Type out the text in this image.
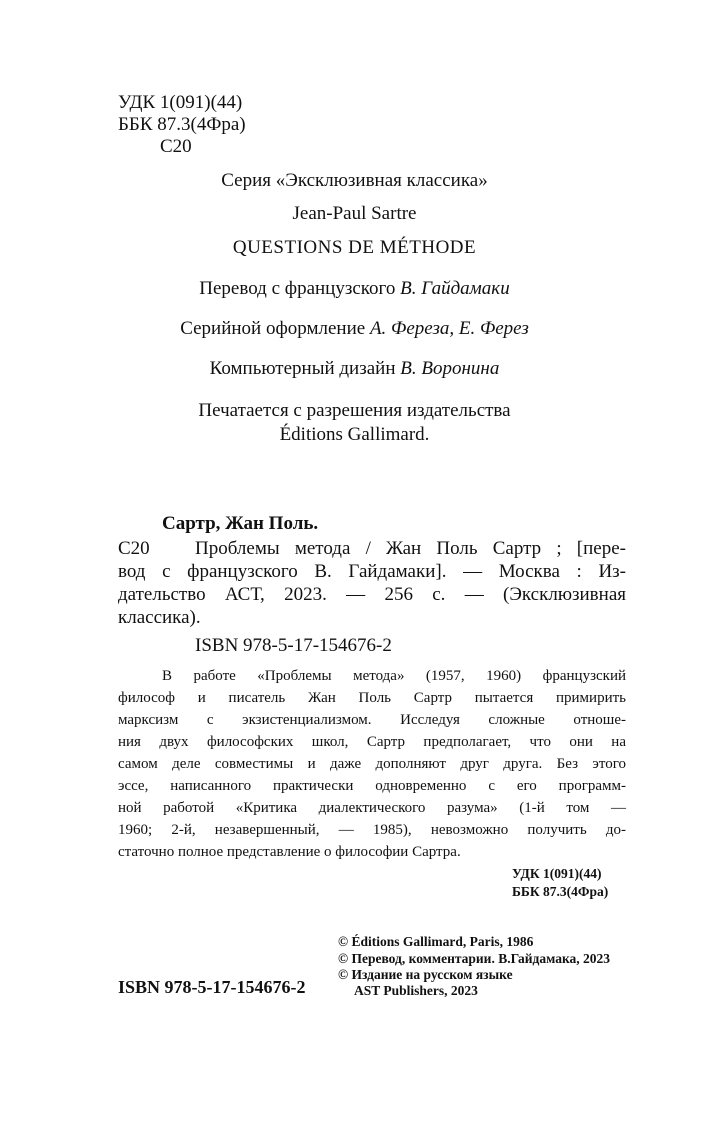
УДК 1(091)(44)
ББК 87.3(4Фра)
С20
Серия «Эксклюзивная классика»
Jean-Paul Sartre
QUESTIONS DE MÉTHODE
Перевод с французского В. Гайдамаки
Серийной оформление А. Фереза, Е. Ферез
Компьютерный дизайн В. Воронина
Печатается с разрешения издательства
Éditions Gallimard.
Сартр, Жан Поль.
С20 Проблемы метода / Жан Поль Сартр ; [пере-
вод с французского В. Гайдамаки]. — Москва : Из-
дательство АСТ, 2023. — 256 с. — (Эксклюзивная
классика).
ISBN 978-5-17-154676-2
В работе «Проблемы метода» (1957, 1960) французский
философ и писатель Жан Поль Сартр пытается примирить
марксизм с экзистенциализмом. Исследуя сложные отноше-
ния двух философских школ, Сартр предполагает, что они на
самом деле совместимы и даже дополняют друг друга. Без этого
эссе, написанного практически одновременно с его программ-
ной работой «Критика диалектического разума» (1-й том —
1960; 2-й, незавершенный, — 1985), невозможно получить до-
статочно полное представление о философии Сартра.
УДК 1(091)(44)
ББК 87.3(4Фра)
ISBN 978-5-17-154676-2
© Éditions Gallimard, Paris, 1986
© Перевод, комментарии. В.Гайдамака, 2023
© Издание на русском языке
AST Publishers, 2023
